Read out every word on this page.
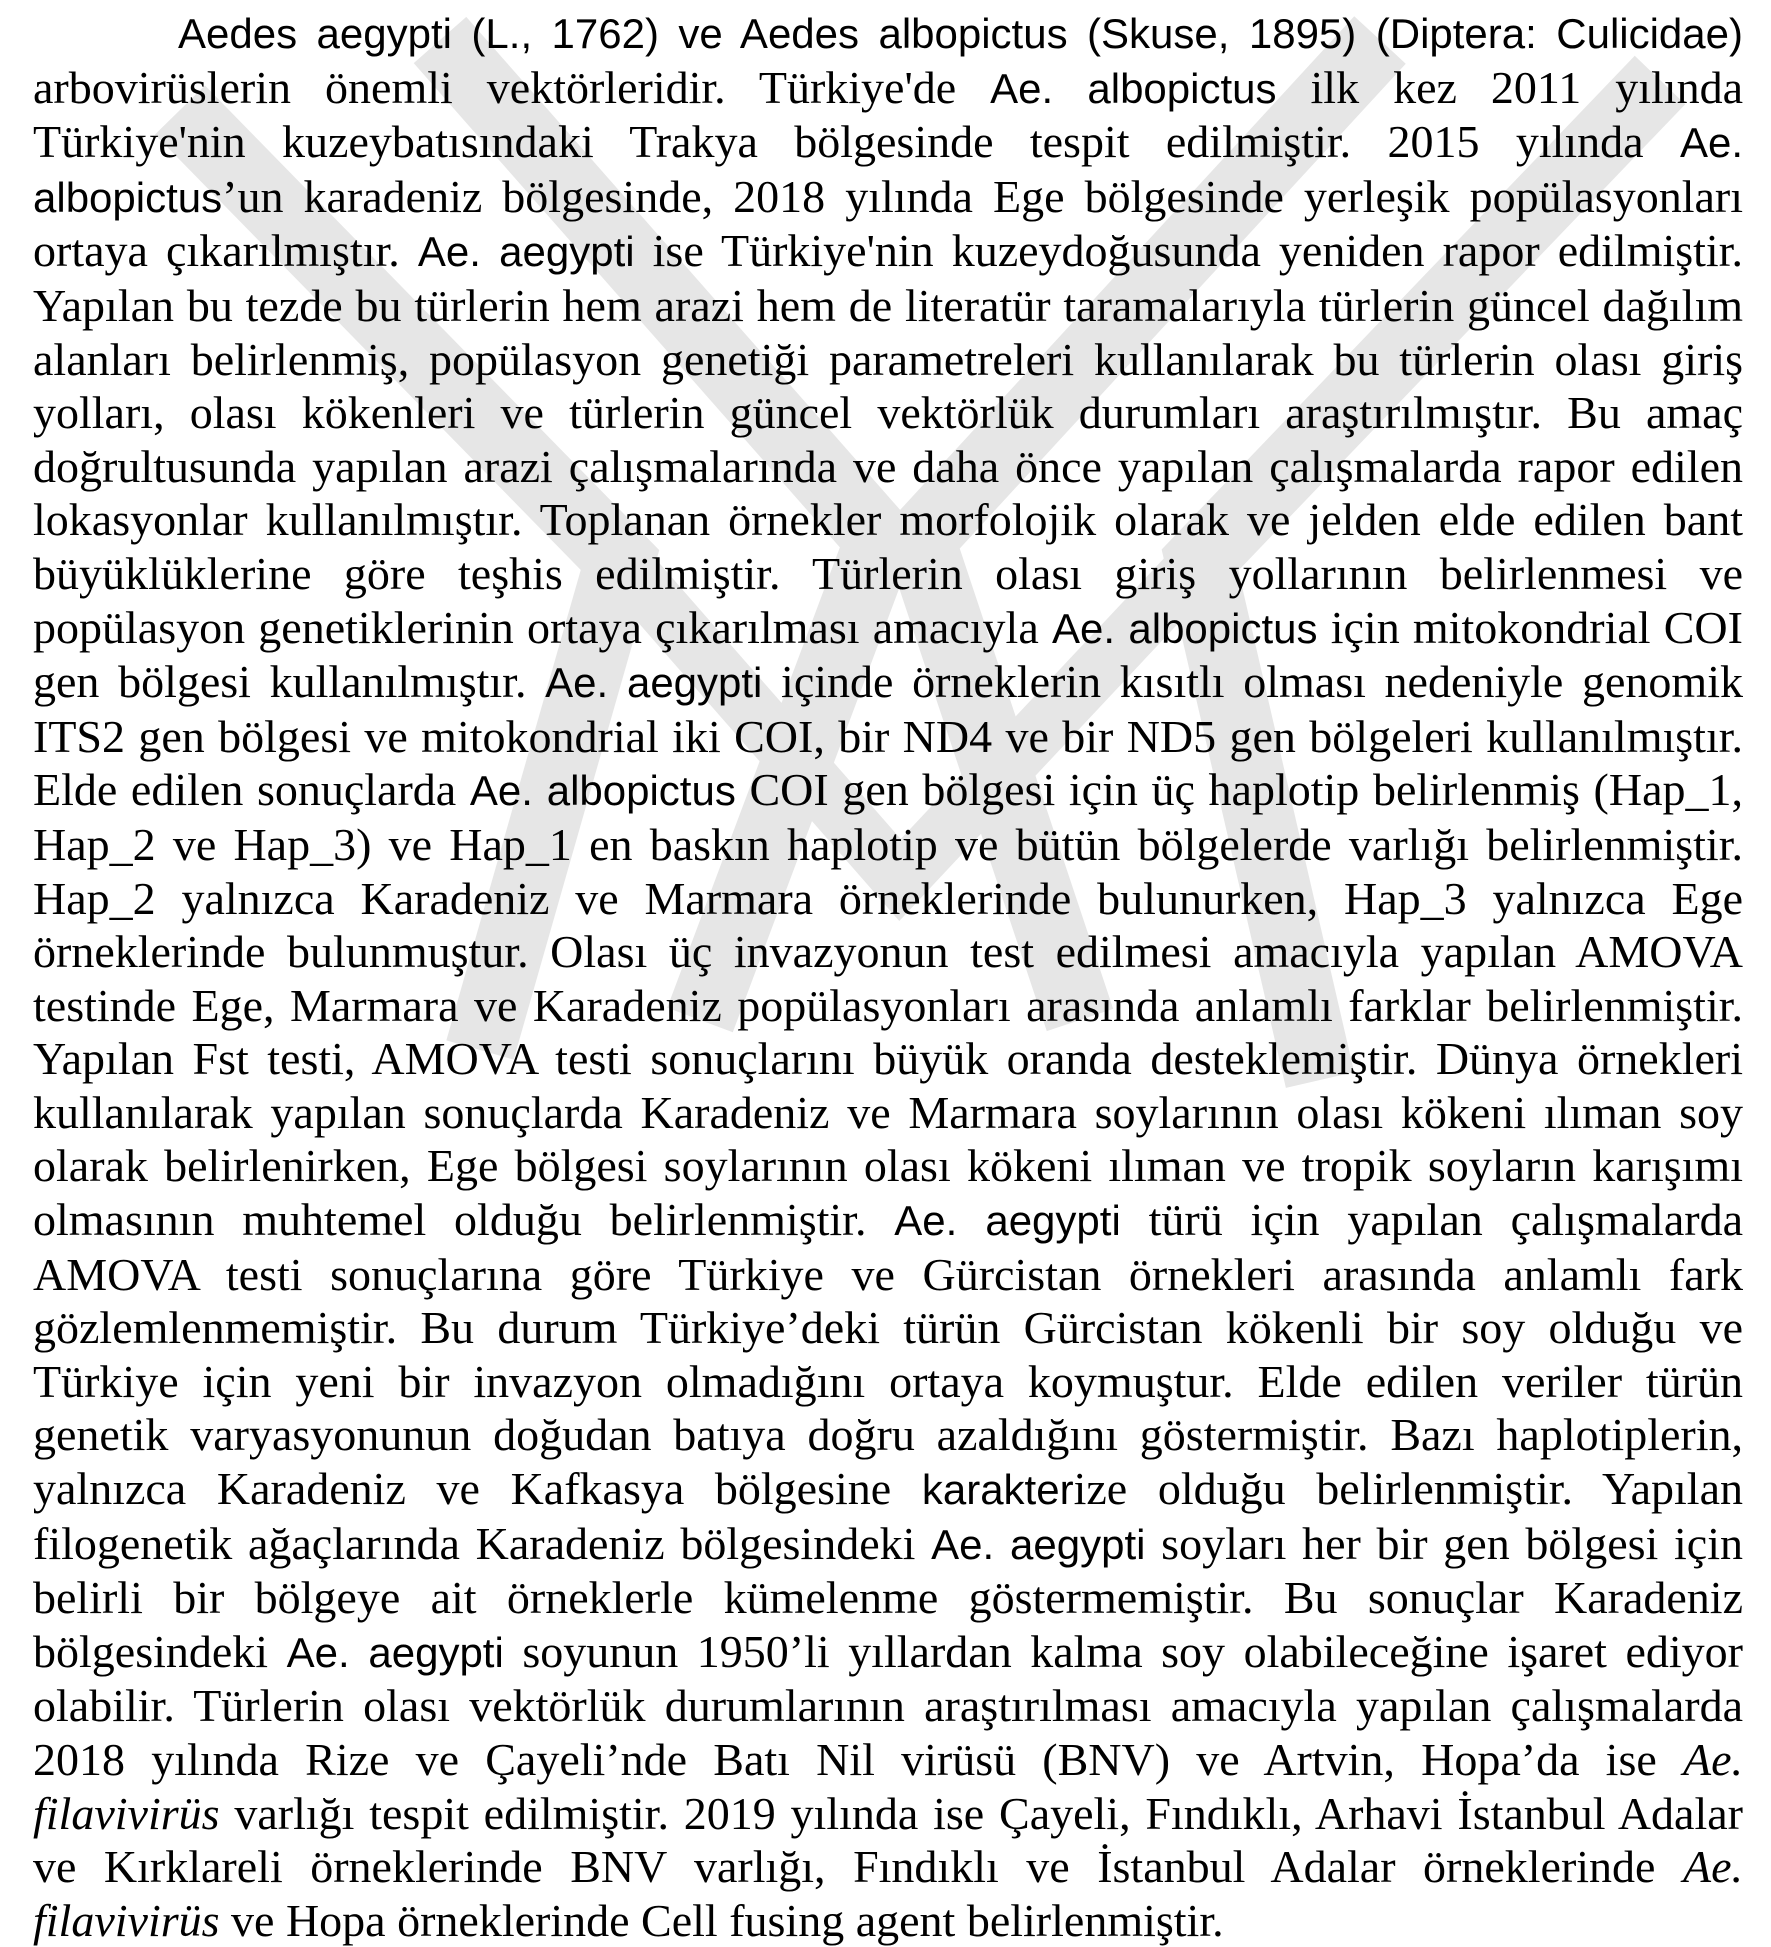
Aedes aegypti (L., 1762) ve Aedes albopictus (Skuse, 1895) (Diptera: Culicidae) arbovirüslerin önemli vektörleridir. Türkiye'de Ae. albopictus ilk kez 2011 yılında Türkiye'nin kuzeybatısındaki Trakya bölgesinde tespit edilmiştir. 2015 yılında Ae. albopictus’un karadeniz bölgesinde, 2018 yılında Ege bölgesinde yerleşik popülasyonları ortaya çıkarılmıştır. Ae. aegypti ise Türkiye'nin kuzeydoğusunda yeniden rapor edilmiştir. Yapılan bu tezde bu türlerin hem arazi hem de literatür taramalarıyla türlerin güncel dağılım alanları belirlenmiş, popülasyon genetiği parametreleri kullanılarak bu türlerin olası giriş yolları, olası kökenleri ve türlerin güncel vektörlük durumları araştırılmıştır. Bu amaç doğrultusunda yapılan arazi çalışmalarında ve daha önce yapılan çalışmalarda rapor edilen lokasyonlar kullanılmıştır. Toplanan örnekler morfolojik olarak ve jelden elde edilen bant büyüklüklerine göre teşhis edilmiştir. Türlerin olası giriş yollarının belirlenmesi ve popülasyon genetiklerinin ortaya çıkarılması amacıyla Ae. albopictus için mitokondrial COI gen bölgesi kullanılmıştır. Ae. aegypti içinde örneklerin kısıtlı olması nedeniyle genomik ITS2 gen bölgesi ve mitokondrial iki COI, bir ND4 ve bir ND5 gen bölgeleri kullanılmıştır. Elde edilen sonuçlarda Ae. albopictus COI gen bölgesi için üç haplotip belirlenmiş (Hap_1, Hap_2 ve Hap_3) ve Hap_1 en baskın haplotip ve bütün bölgelerde varlığı belirlenmiştir. Hap_2 yalnızca Karadeniz ve Marmara örneklerinde bulunurken, Hap_3 yalnızca Ege örneklerinde bulunmuştur. Olası üç invazyonun test edilmesi amacıyla yapılan AMOVA testinde Ege, Marmara ve Karadeniz popülasyonları arasında anlamlı farklar belirlenmiştir. Yapılan Fst testi, AMOVA testi sonuçlarını büyük oranda desteklemiştir. Dünya örnekleri kullanılarak yapılan sonuçlarda Karadeniz ve Marmara soylarının olası kökeni ılıman soy olarak belirlenirken, Ege bölgesi soylarının olası kökeni ılıman ve tropik soyların karışımı olmasının muhtemel olduğu belirlenmiştir. Ae. aegypti türü için yapılan çalışmalarda AMOVA testi sonuçlarına göre Türkiye ve Gürcistan örnekleri arasında anlamlı fark gözlemlenmemiştir. Bu durum Türkiye’deki türün Gürcistan kökenli bir soy olduğu ve Türkiye için yeni bir invazyon olmadığını ortaya koymuştur. Elde edilen veriler türün genetik varyasyonunun doğudan batıya doğru azaldığını göstermiştir. Bazı haplotiplerin, yalnızca Karadeniz ve Kafkasya bölgesine karakterize olduğu belirlenmiştir. Yapılan filogenetik ağaçlarında Karadeniz bölgesindeki Ae. aegypti soyları her bir gen bölgesi için belirli bir bölgeye ait örneklerle kümelenme göstermemiştir. Bu sonuçlar Karadeniz bölgesindeki Ae. aegypti soyunun 1950’li yıllardan kalma soy olabileceğine işaret ediyor olabilir. Türlerin olası vektörlük durumlarının araştırılması amacıyla yapılan çalışmalarda 2018 yılında Rize ve Çayeli’nde Batı Nil virüsü (BNV) ve Artvin, Hopa’da ise Ae. filavivirüs varlığı tespit edilmiştir. 2019 yılında ise Çayeli, Fındıklı, Arhavi İstanbul Adalar ve Kırklareli örneklerinde BNV varlığı, Fındıklı ve İstanbul Adalar örneklerinde Ae. filavivirüs ve Hopa örneklerinde Cell fusing agent belirlenmiştir.
